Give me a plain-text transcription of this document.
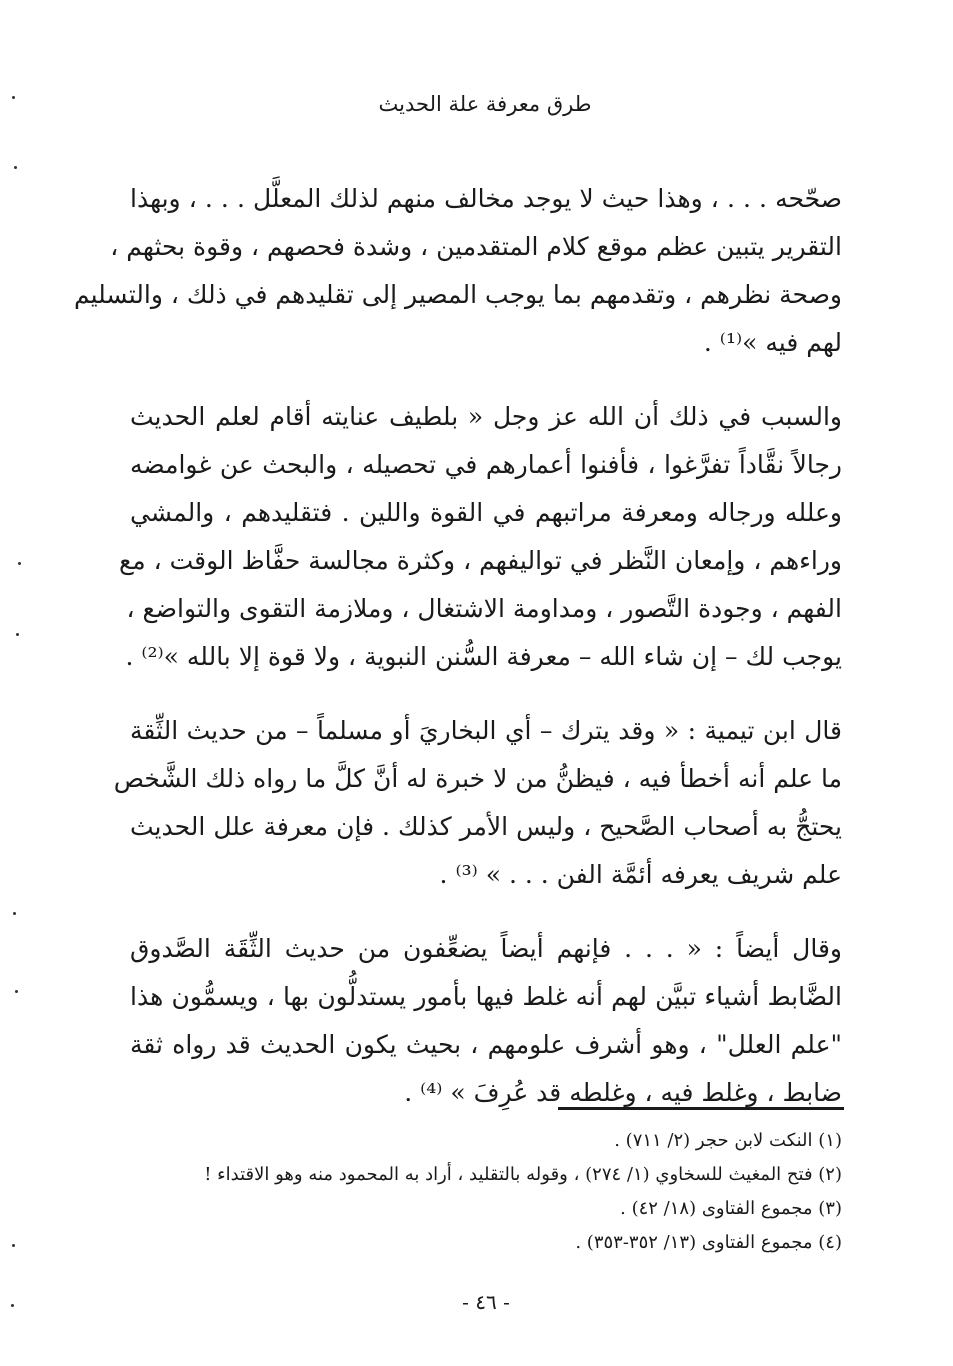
طرق معرفة علة الحديث
صحّحه . . . ، وهذا حيث لا يوجد مخالف منهم لذلك المعلَّل . . . ، وبهذا
التقرير يتبين عظم موقع كلام المتقدمين ، وشدة فحصهم ، وقوة بحثهم ،
وصحة نظرهم ، وتقدمهم بما يوجب المصير إلى تقليدهم في ذلك ، والتسليم
لهم فيه »⁽¹⁾ .
والسبب في ذلك أن الله عز وجل « بلطيف عنايته أقام لعلم الحديث
رجالاً نقَّاداً تفرَّغوا ، فأفنوا أعمارهم في تحصيله ، والبحث عن غوامضه
وعلله ورجاله ومعرفة مراتبهم في القوة واللين . فتقليدهم ، والمشي
وراءهم ، وإمعان النَّظر في تواليفهم ، وكثرة مجالسة حفَّاظ الوقت ، مع
الفهم ، وجودة التَّصور ، ومداومة الاشتغال ، وملازمة التقوى والتواضع ،
يوجب لك – إن شاء الله – معرفة السُّنن النبوية ، ولا قوة إلا بالله »⁽²⁾ .
قال ابن تيمية : « وقد يترك – أي البخاريَ أو مسلماً – من حديث الثِّقة
ما علم أنه أخطأ فيه ، فيظنُّ من لا خبرة له أنَّ كلَّ ما رواه ذلك الشَّخص
يحتجُّ به أصحاب الصَّحيح ، وليس الأمر كذلك . فإن معرفة علل الحديث
علم شريف يعرفه أئمَّة الفن . . . » ⁽³⁾ .
وقال أيضاً : « . . . فإنهم أيضاً يضعِّفون من حديث الثِّقَة الصَّدوق
الضَّابط أشياء تبيَّن لهم أنه غلط فيها بأمور يستدلُّون بها ، ويسمُّون هذا
"علم العلل" ، وهو أشرف علومهم ، بحيث يكون الحديث قد رواه ثقة
ضابط ، وغلط فيه ، وغلطه قد عُرِفَ » ⁽⁴⁾ .
(١) النكت لابن حجر (٢/ ٧١١) .
(٢) فتح المغيث للسخاوي (١/ ٢٧٤) ، وقوله بالتقليد ، أراد به المحمود منه وهو الاقتداء !
(٣) مجموع الفتاوى (١٨/ ٤٢) .
(٤) مجموع الفتاوى (١٣/ ٣٥٢-٣٥٣) .
- ٤٦ -
